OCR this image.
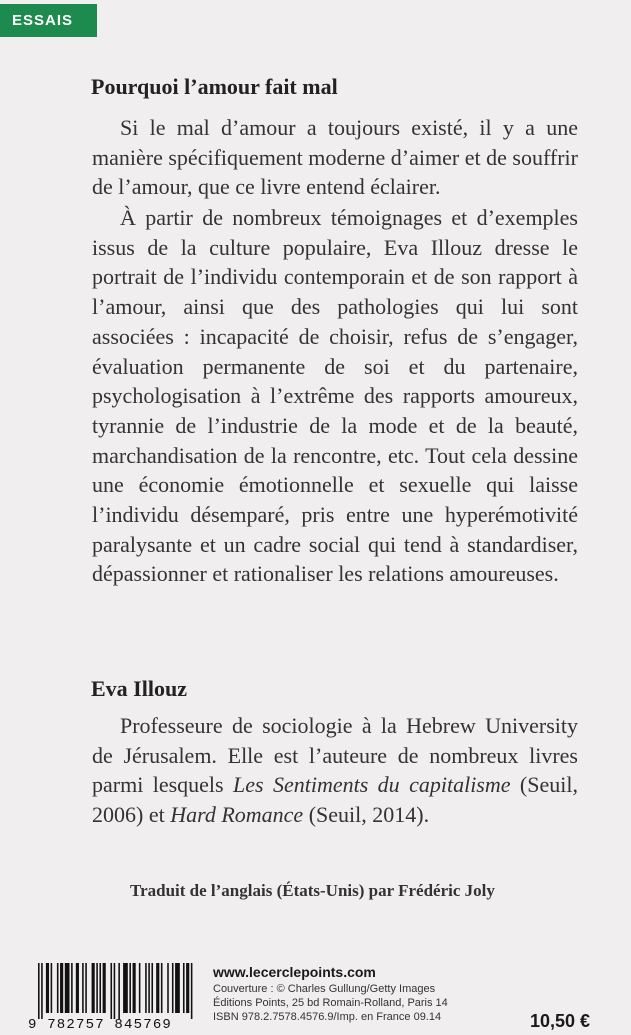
ESSAIS
Pourquoi l’amour fait mal

Si le mal d’amour a toujours existé, il y a une manière spécifiquement moderne d’aimer et de souffrir de l’amour, que ce livre entend éclairer.

À partir de nombreux témoignages et d’exemples issus de la culture populaire, Eva Illouz dresse le portrait de l’individu contemporain et de son rapport à l’amour, ainsi que des pathologies qui lui sont associées : incapacité de choisir, refus de s’engager, évaluation permanente de soi et du partenaire, psychologisation à l’extrême des rapports amoureux, tyrannie de l’industrie de la mode et de la beauté, marchandisation de la rencontre, etc. Tout cela dessine une économie émotionnelle et sexuelle qui laisse l’individu désemparé, pris entre une hyperémotivité paralysante et un cadre social qui tend à standardiser, dépassionner et rationaliser les relations amoureuses.

Eva Illouz

Professeure de sociologie à la Hebrew University de Jérusalem. Elle est l’auteure de nombreux livres parmi lesquels Les Sentiments du capitalisme (Seuil, 2006) et Hard Romance (Seuil, 2014).

Traduit de l’anglais (États-Unis) par Frédéric Joly

9 782757 845769

www.lecerclepoints.com

Couverture : © Charles Gullung/Getty Images

Éditions Points, 25 bd Romain-Rolland, Paris 14

ISBN 978.2.7578.4576.9/Imp. en France 09.14	10,50 €
